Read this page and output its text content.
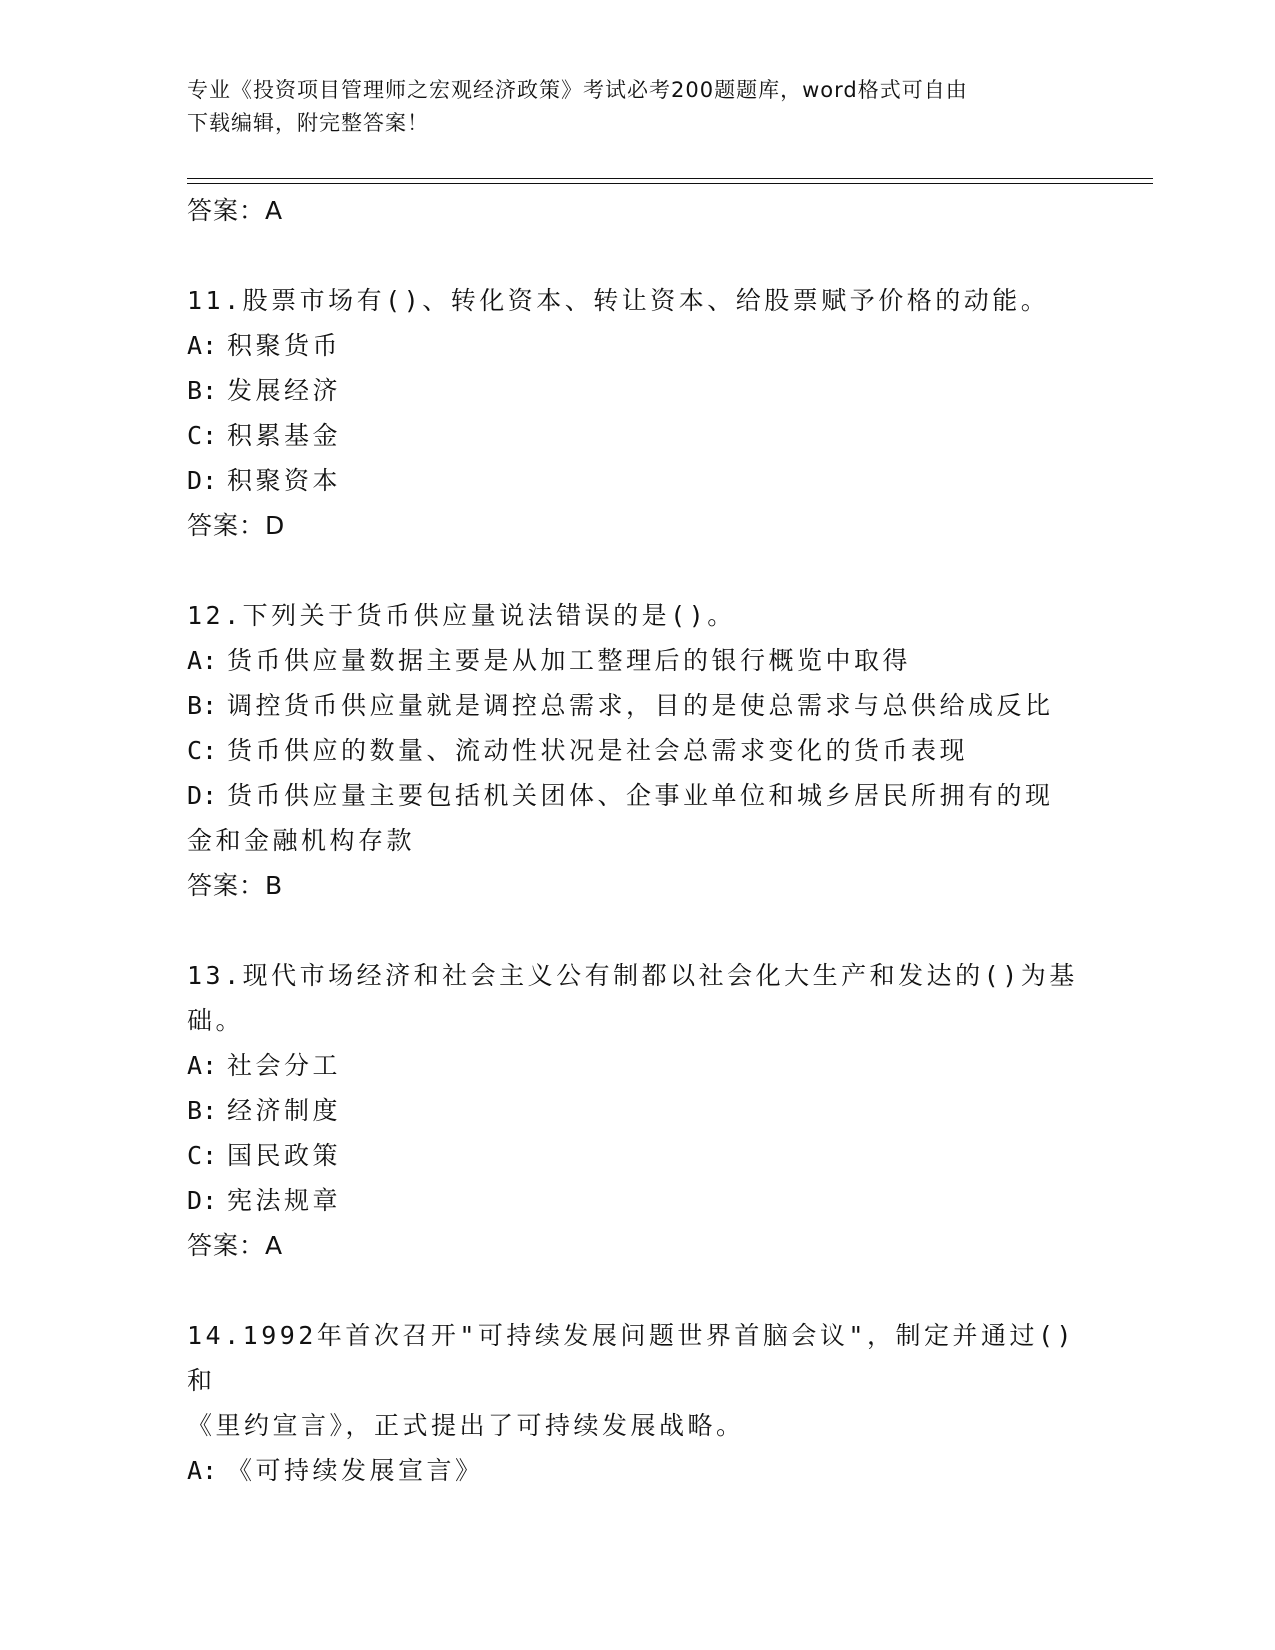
专业《投资项目管理师之宏观经济政策》考试必考200题题库，word格式可自由
下载编辑，附完整答案！
答案：A
11.股票市场有()、转化资本、转让资本、给股票赋予价格的动能。
A: 积聚货币
B: 发展经济
C: 积累基金
D: 积聚资本
答案：D
12.下列关于货币供应量说法错误的是()。
A: 货币供应量数据主要是从加工整理后的银行概览中取得
B: 调控货币供应量就是调控总需求，目的是使总需求与总供给成反比
C: 货币供应的数量、流动性状况是社会总需求变化的货币表现
D: 货币供应量主要包括机关团体、企事业单位和城乡居民所拥有的现
金和金融机构存款
答案：B
13.现代市场经济和社会主义公有制都以社会化大生产和发达的()为基
础。
A: 社会分工
B: 经济制度
C: 国民政策
D: 宪法规章
答案：A
14.1992年首次召开"可持续发展问题世界首脑会议"，制定并通过()和
《里约宣言》，正式提出了可持续发展战略。
A: 《可持续发展宣言》
